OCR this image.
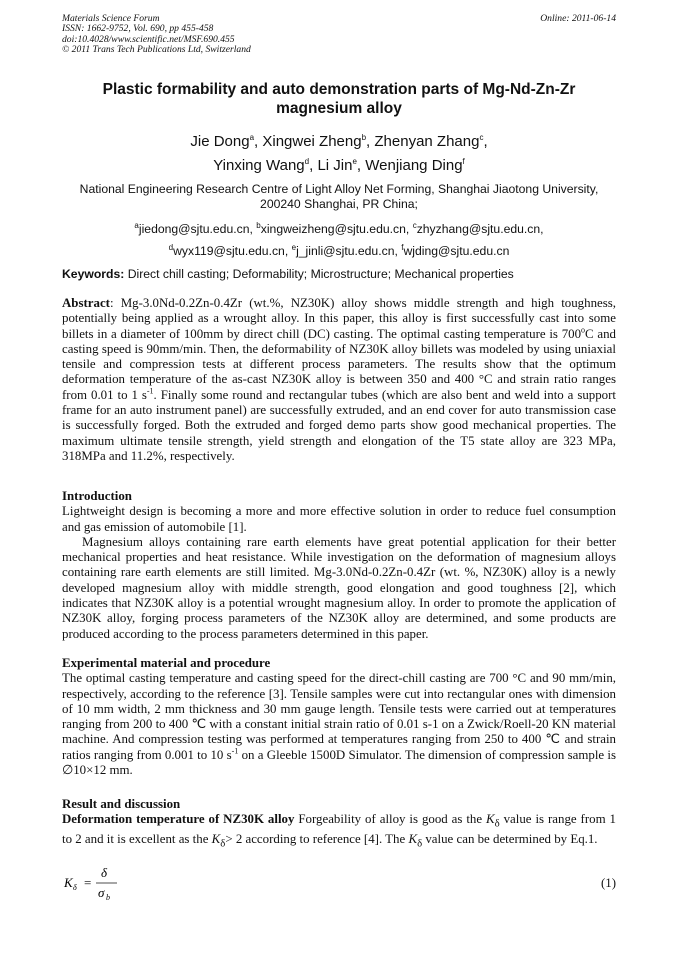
Materials Science Forum
ISSN: 1662-9752, Vol. 690, pp 455-458
doi:10.4028/www.scientific.net/MSF.690.455
© 2011 Trans Tech Publications Ltd, Switzerland
Online: 2011-06-14
Plastic formability and auto demonstration parts of Mg-Nd-Zn-Zr
magnesium alloy
Jie Dong$^a$, Xingwei Zheng$^b$, Zhenyan Zhang$^c$,
Yinxing Wang$^d$, Li Jin$^e$, Wenjiang Ding$^f$
National Engineering Research Centre of Light Alloy Net Forming, Shanghai Jiaotong University,
200240 Shanghai, PR China;
$^a$jiedong@sjtu.edu.cn, $^b$xingweizheng@sjtu.edu.cn, $^c$zhyzhang@sjtu.edu.cn,
$^d$wyx119@sjtu.edu.cn, $^e$j_jinli@sjtu.edu.cn, $^f$wjding@sjtu.edu.cn
Keywords: Direct chill casting; Deformability; Microstructure; Mechanical properties

Abstract: Mg-3.0Nd-0.2Zn-0.4Zr (wt.%, NZ30K) alloy shows middle strength and high toughness, potentially being applied as a wrought alloy. In this paper, this alloy is first successfully cast into some billets in a diameter of 100mm by direct chill (DC) casting. The optimal casting temperature is 700$^o$C and casting speed is 90mm/min. Then, the deformability of NZ30K alloy billets was modeled by using uniaxial tensile and compression tests at different process parameters. The results show that the optimum deformation temperature of the as-cast NZ30K alloy is between 350 and 400 °C and strain ratio ranges from 0.01 to 1 $s^{-1}$. Finally some round and rectangular tubes (which are also bent and weld into a support frame for an auto instrument panel) are successfully extruded, and an end cover for auto transmission case is successfully forged. Both the extruded and forged demo parts show good mechanical properties. The maximum ultimate tensile strength, yield strength and elongation of the T5 state alloy are 323 MPa, 318MPa and 11.2%, respectively.

Introduction

Lightweight design is becoming a more and more effective solution in order to reduce fuel consumption and gas emission of automobile [1].

Magnesium alloys containing rare earth elements have great potential application for their better mechanical properties and heat resistance. While investigation on the deformation of magnesium alloys containing rare earth elements are still limited. Mg-3.0Nd-0.2Zn-0.4Zr (wt. %, NZ30K) alloy is a newly developed magnesium alloy with middle strength, good elongation and good toughness [2], which indicates that NZ30K alloy is a potential wrought magnesium alloy. In order to promote the application of NZ30K alloy, forging process parameters of the NZ30K alloy are determined, and some products are produced according to the process parameters determined in this paper.

Experimental material and procedure

The optimal casting temperature and casting speed for the direct-chill casting are 700 °C and 90 mm/min, respectively, according to the reference [3]. Tensile samples were cut into rectangular ones with dimension of 10 mm width, 2 mm thickness and 30 mm gauge length. Tensile tests were carried out at temperatures ranging from 200 to 400 ℃ with a constant initial strain ratio of 0.01 s-1 on a Zwick/Roell-20 KN material machine. And compression testing was performed at temperatures ranging from 250 to 400 ℃ and strain ratios ranging from 0.001 to 10 $s^{-1}$ on a Gleeble 1500D Simulator. The dimension of compression sample is ∅10×12 mm.

Result and discussion

Deformation temperature of NZ30K alloy Forgeability of alloy is good as the $K_\delta$ value is range from 1 to 2 and it is excellent as the $K_\delta> 2$ according to reference [4]. The $K_\delta$ value can be determined by Eq.1.

K δ =
δ
σ b
(1)
